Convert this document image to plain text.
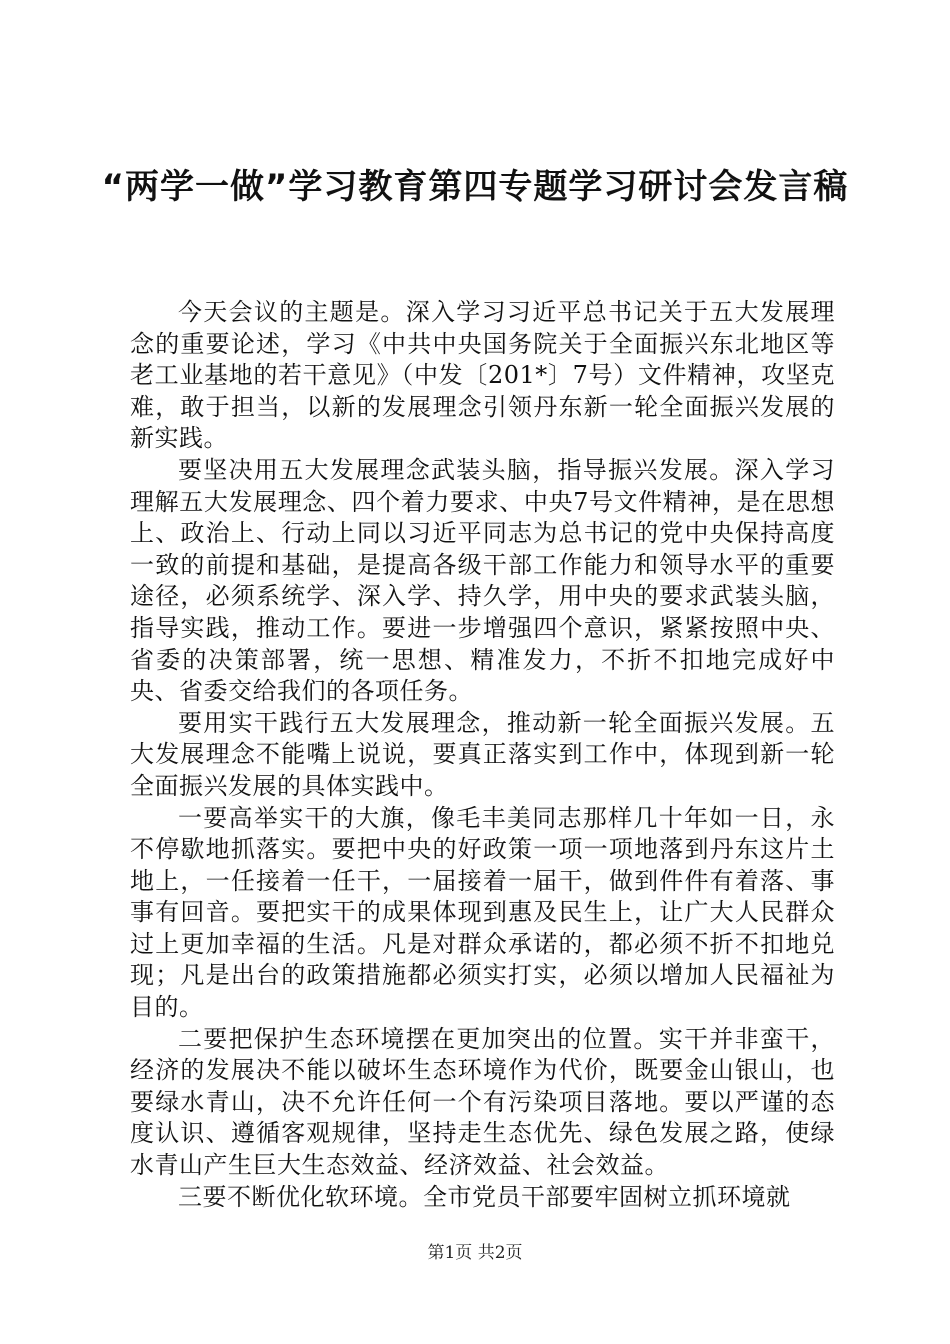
“两学一做”学习教育第四专题学习研讨会发言稿

今天会议的主题是。深入学习习近平总书记关于五大发展理念的重要论述，学习《中共中央国务院关于全面振兴东北地区等老工业基地的若干意见》（中发〔201*〕7号）文件精神，攻坚克难，敢于担当，以新的发展理念引领丹东新一轮全面振兴发展的新实践。

要坚决用五大发展理念武装头脑，指导振兴发展。深入学习理解五大发展理念、四个着力要求、中央7号文件精神，是在思想上、政治上、行动上同以习近平同志为总书记的党中央保持高度一致的前提和基础，是提高各级干部工作能力和领导水平的重要途径，必须系统学、深入学、持久学，用中央的要求武装头脑，指导实践，推动工作。要进一步增强四个意识，紧紧按照中央、省委的决策部署，统一思想、精准发力，不折不扣地完成好中央、省委交给我们的各项任务。

要用实干践行五大发展理念，推动新一轮全面振兴发展。五大发展理念不能嘴上说说，要真正落实到工作中，体现到新一轮全面振兴发展的具体实践中。

一要高举实干的大旗，像毛丰美同志那样几十年如一日，永不停歇地抓落实。要把中央的好政策一项一项地落到丹东这片土地上，一任接着一任干，一届接着一届干，做到件件有着落、事事有回音。要把实干的成果体现到惠及民生上，让广大人民群众过上更加幸福的生活。凡是对群众承诺的，都必须不折不扣地兑现；凡是出台的政策措施都必须实打实，必须以增加人民福祉为目的。

二要把保护生态环境摆在更加突出的位置。实干并非蛮干，经济的发展决不能以破坏生态环境作为代价，既要金山银山，也要绿水青山，决不允许任何一个有污染项目落地。要以严谨的态度认识、遵循客观规律，坚持走生态优先、绿色发展之路，使绿水青山产生巨大生态效益、经济效益、社会效益。

三要不断优化软环境。全市党员干部要牢固树立抓环境就

第1页 共2页
